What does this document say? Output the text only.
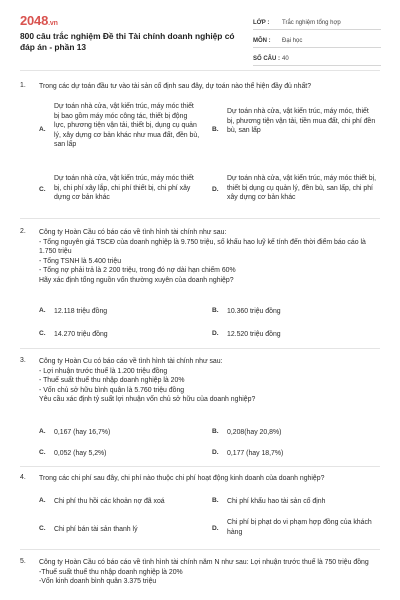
2048.vn
800 câu trắc nghiệm Đề thi Tài chính doanh nghiệp có đáp án - phần 13
LỚP :	Trắc nghiệm tổng hợp
MÔN :	Đại học
SỐ CÂU : 40
1. Trong các dự toán đầu tư vào tài sản cố định sau đây, dự toán nào thể hiện đầy đủ nhất?
A.
Dự toán nhà cửa, vật kiến trúc, máy móc thiết bị bao gồm máy móc công tác, thiết bị động lực, phương tiện vận tải, thiết bị, dụng cụ quản lý, xây dựng cơ bản khác như mua đất, đền bù, san lấp
B.
Dự toán nhà cửa, vật kiến trúc, máy móc, thiết bị, phương tiện vận tải, tiền mua đất, chi phí đền bù, san lấp
C.
Dự toán nhà cửa, vật kiến trúc, máy móc thiết bị, chi phí xây lắp, chi phí thiết bị, chi phí xây dựng cơ bản khác
D.
Dự toán nhà cửa, vật kiến trúc, máy móc thiết bị, thiết bị dụng cụ quản lý, đền bù, san lấp, chi phí xây dựng cơ bản khác
2. Công ty Hoàn Cầu có báo cáo về tình hình tài chính như sau:
- Tổng nguyên giá TSCĐ của doanh nghiệp là 9.750 triệu, số khấu hao luỹ kế tính đến thời điểm báo cáo là 1.750 triệu
- Tổng TSNH là 5.400 triệu
- Tổng nợ phải trả là 2 200 triệu, trong đó nợ dài hạn chiếm 60%
Hãy xác định tổng nguồn vốn thường xuyên của doanh nghiệp?
A. 12.118 triệu đồng	B. 10.360 triệu đồng
C. 14.270 triệu đồng	D. 12.520 triệu đồng
3. Công ty Hoàn Cu có báo cáo về tình hình tài chính như sau:
- Lợi nhuận trước thuế là 1.200 triệu đồng
- Thuế suất thuế thu nhập doanh nghiệp là 20%
- Vốn chủ sở hữu bình quân là 5.760 triệu đồng
Yêu cầu xác định tỷ suất lợi nhuận vốn chủ sở hữu của doanh nghiệp?
A. 0,167 (hay 16,7%)	B. 0,208(hay 20,8%)
C. 0,052 (hay 5,2%)	D. 0,177 (hay 18,7%)
4. Trong các chi phí sau đây, chi phí nào thuộc chi phí hoạt động kinh doanh của doanh nghiệp?
A. Chi phí thu hồi các khoản nợ đã xoá	B. Chi phí khấu hao tài sản cố định
C. Chi phí bán tài sản thanh lý	D.
Chi phí bị phạt do vi phạm hợp đồng của khách hàng
5. Công ty Hoàn Cầu có báo cáo về tình hình tài chính năm N như sau: Lợi nhuận trước thuế là 750 triệu đồng
-Thuế suất thuế thu nhập doanh nghiệp là 20%
-Vốn kinh doanh bình quân 3.375 triệu
